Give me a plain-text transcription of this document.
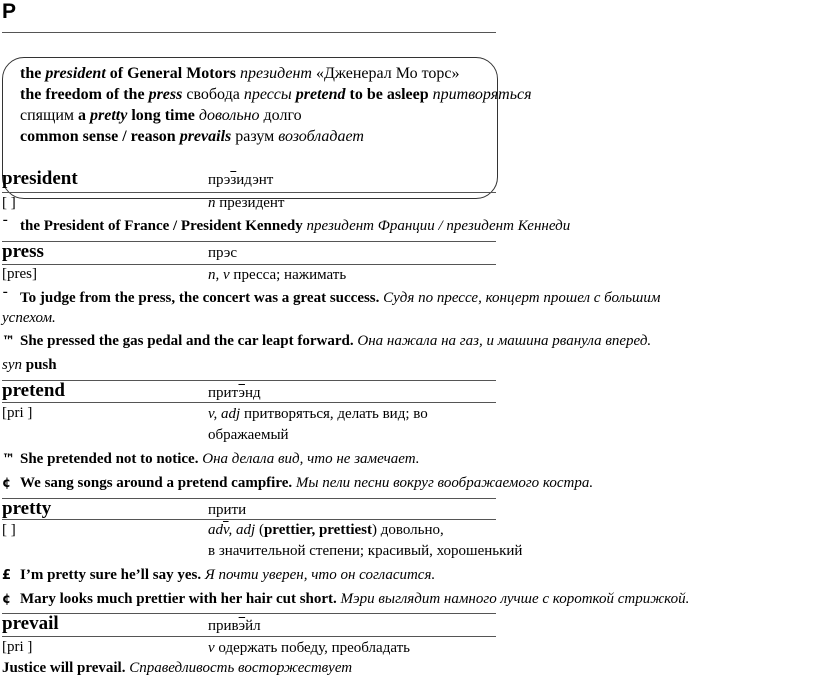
P
the president of General Motors президент «Дженерал Мо торс»
the freedom of the press свобода прессы pretend to be asleep притворяться
спящим a pretty long time довольно долго
common sense / reason prevails разум возобладает
president	прэзидэнт
[ ]	n президент
ˉ the President of France / President Kennedy президент Франции / президент Кеннеди
press	прэс
[pres]	n, v пресса; нажимать
ˉ To judge from the press, the concert was a great success. Судя по прессе, концерт прошел с большим
успехом.
™ She pressed the gas pedal and the car leapt forward. Она нажала на газ, и машина рванула вперед.
syn push
pretend	притэнд
[pri ]	v, adj притворяться, делать вид; во
ображаемый
™ She pretended not to notice. Она делала вид, что не замечает.
¢ We sang songs around a pretend campfire. Мы пели песни вокруг воображаемого костра.
pretty	прити
[ ]	$ad\overline{v}$, adj (prettier, prettiest) довольно,
в значительной степени; красивый, хорошенький
£ I’m pretty sure he’ll say yes. Я почти уверен, что он согласится.
¢ Mary looks much prettier with her hair cut short. Мэри выглядит намного лучше с короткой стрижкой.
prevail	привэйл
[pri ]	v одержать победу, преобладать
Justice will prevail. Справедливость восторжествует
